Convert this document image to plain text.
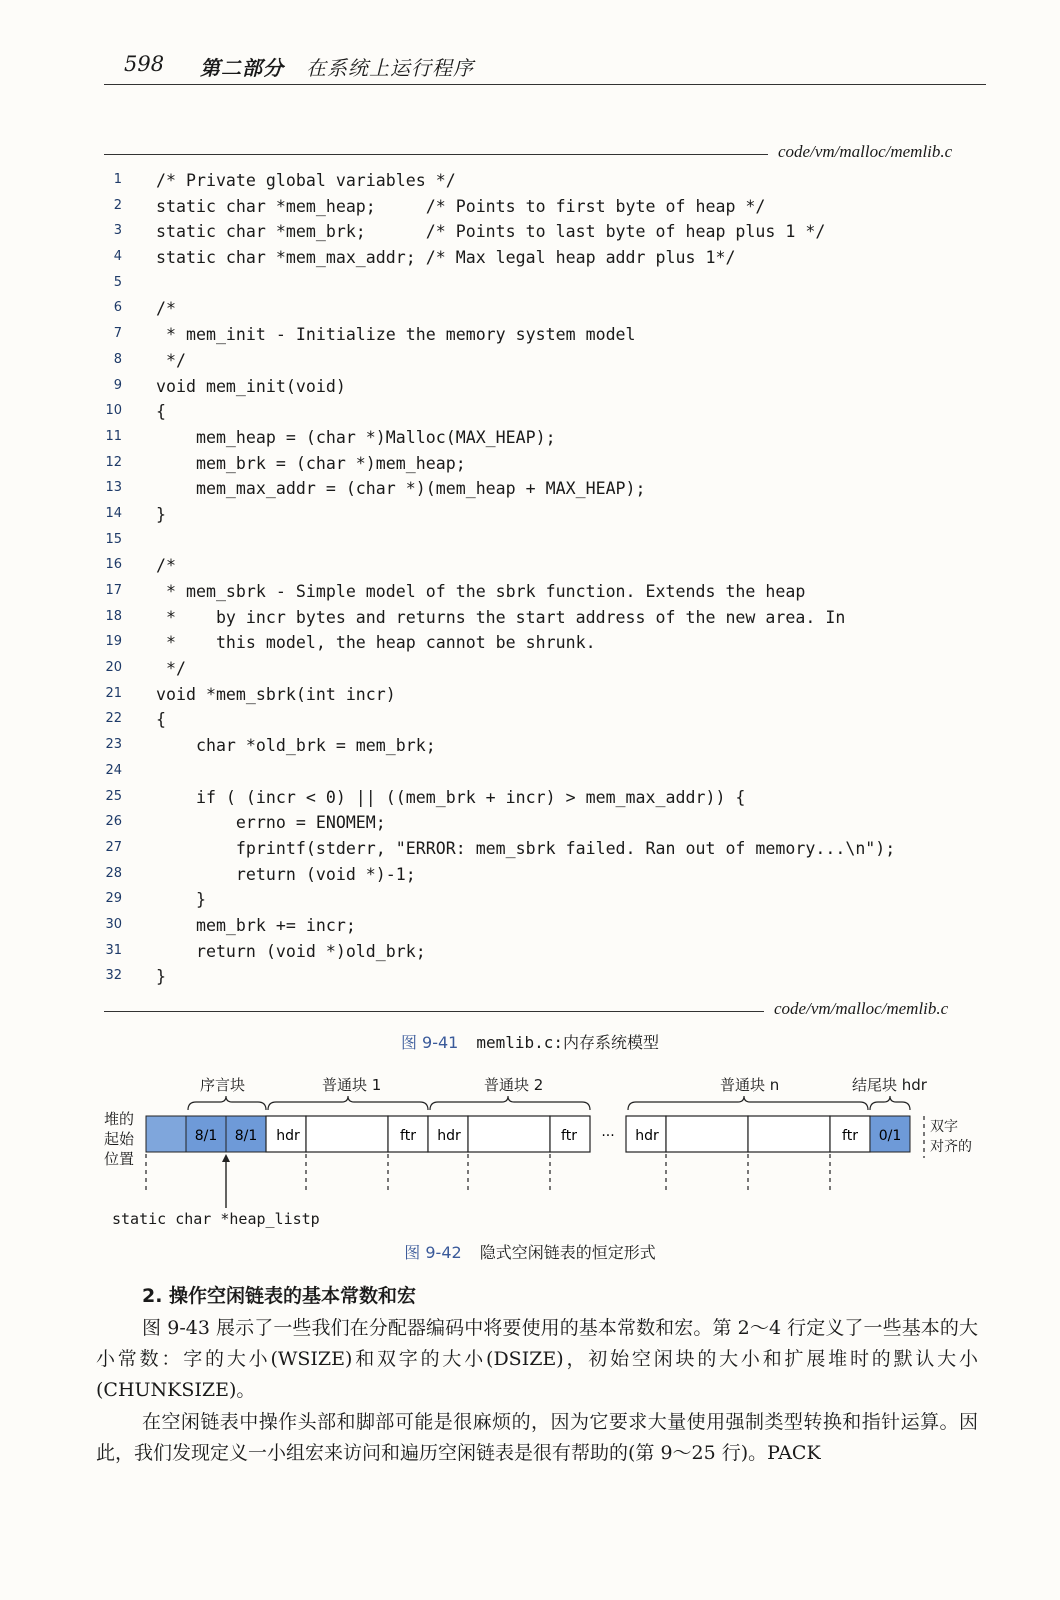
598 第二部分 在系统上运行程序
code/vm/malloc/memlib.c
1 /* Private global variables */
2 static char *mem_heap;     /* Points to first byte of heap */
3 static char *mem_brk;      /* Points to last byte of heap plus 1 */
4 static char *mem_max_addr; /* Max legal heap addr plus 1*/
5
6 /*
7 * mem_init - Initialize the memory system model
8 */
9 void mem_init(void)
10 {
11 mem_heap = (char *)Malloc(MAX_HEAP);
12 mem_brk = (char *)mem_heap;
13 mem_max_addr = (char *)(mem_heap + MAX_HEAP);
14 }
15
16 /*
17 * mem_sbrk - Simple model of the sbrk function. Extends the heap
18 *    by incr bytes and returns the start address of the new area. In
19 *    this model, the heap cannot be shrunk.
20 */
21 void *mem_sbrk(int incr)
22 {
23 char *old_brk = mem_brk;
24
25 if ( (incr < 0) || ((mem_brk + incr) > mem_max_addr)) {
26 errno = ENOMEM;
27 fprintf(stderr, "ERROR: mem_sbrk failed. Ran out of memory...\n");
28 return (void *)-1;
29 }
30 mem_brk += incr;
31 return (void *)old_brk;
32 }
code/vm/malloc/memlib.c
图 9-41 memlib.c:内存系统模型
序言块	普通块 1	普通块 2	普通块 n	结尾块 hdr
堆的
起始
位置
双字
对齐的
8/1 8/1 hdr	ftr hdr	ftr ··· hdr	ftr 0/1
static char *heap_listp
图 9-42 隐式空闲链表的恒定形式
2. 操作空闲链表的基本常数和宏
图 9-43 展示了一些我们在分配器编码中将要使用的基本常数和宏。第 2～4 行定义了一些基本的大小常数：字的大小(WSIZE)和双字的大小(DSIZE)，初始空闲块的大小和扩展堆时的默认大小(CHUNKSIZE)。
在空闲链表中操作头部和脚部可能是很麻烦的，因为它要求大量使用强制类型转换和指针运算。因此，我们发现定义一小组宏来访问和遍历空闲链表是很有帮助的(第 9～25 行)。PACK
